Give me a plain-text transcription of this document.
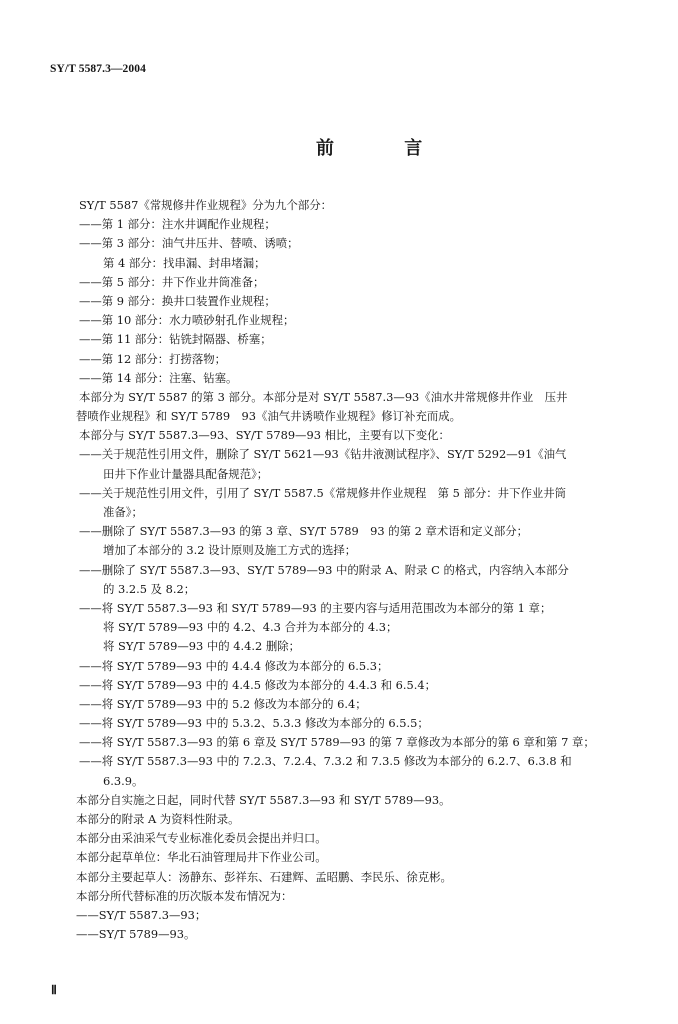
SY/T 5587.3—2004
前 言
SY/T 5587《常规修井作业规程》分为九个部分：
——第 1 部分：注水井调配作业规程；
——第 3 部分：油气井压井、替喷、诱喷；
第 4 部分：找串漏、封串堵漏；
——第 5 部分：井下作业井筒准备；
——第 9 部分：换井口装置作业规程；
——第 10 部分：水力喷砂射孔作业规程；
——第 11 部分：钻铣封隔器、桥塞；
——第 12 部分：打捞落物；
——第 14 部分：注塞、钻塞。
本部分为 SY/T 5587 的第 3 部分。本部分是对 SY/T 5587.3—93《油水井常规修井作业　压井
替喷作业规程》和 SY/T 5789　93《油气井诱喷作业规程》修订补充而成。
本部分与 SY/T 5587.3—93、SY/T 5789—93 相比，主要有以下变化：
——关于规范性引用文件，删除了 SY/T 5621—93《钻井液测试程序》、SY/T 5292—91《油气
田井下作业计量器具配备规范》；
——关于规范性引用文件，引用了 SY/T 5587.5《常规修井作业规程　第 5 部分：井下作业井筒
准备》；
——删除了 SY/T 5587.3—93 的第 3 章、SY/T 5789　93 的第 2 章术语和定义部分；
增加了本部分的 3.2 设计原则及施工方式的选择；
——删除了 SY/T 5587.3—93、SY/T 5789—93 中的附录 A、附录 C 的格式，内容纳入本部分
的 3.2.5 及 8.2；
——将 SY/T 5587.3—93 和 SY/T 5789—93 的主要内容与适用范围改为本部分的第 1 章；
将 SY/T 5789—93 中的 4.2、4.3 合并为本部分的 4.3；
将 SY/T 5789—93 中的 4.4.2 删除；
——将 SY/T 5789—93 中的 4.4.4 修改为本部分的 6.5.3；
——将 SY/T 5789—93 中的 4.4.5 修改为本部分的 4.4.3 和 6.5.4；
——将 SY/T 5789—93 中的 5.2 修改为本部分的 6.4；
——将 SY/T 5789—93 中的 5.3.2、5.3.3 修改为本部分的 6.5.5；
——将 SY/T 5587.3—93 的第 6 章及 SY/T 5789—93 的第 7 章修改为本部分的第 6 章和第 7 章；
——将 SY/T 5587.3—93 中的 7.2.3、7.2.4、7.3.2 和 7.3.5 修改为本部分的 6.2.7、6.3.8 和
6.3.9。
本部分自实施之日起，同时代替 SY/T 5587.3—93 和 SY/T 5789—93。
本部分的附录 A 为资料性附录。
本部分由采油采气专业标准化委员会提出并归口。
本部分起草单位：华北石油管理局井下作业公司。
本部分主要起草人：汤静东、彭祥东、石建辉、孟昭鹏、李民乐、徐克彬。
本部分所代替标准的历次版本发布情况为：
——SY/T 5587.3—93；
——SY/T 5789—93。
Ⅱ
